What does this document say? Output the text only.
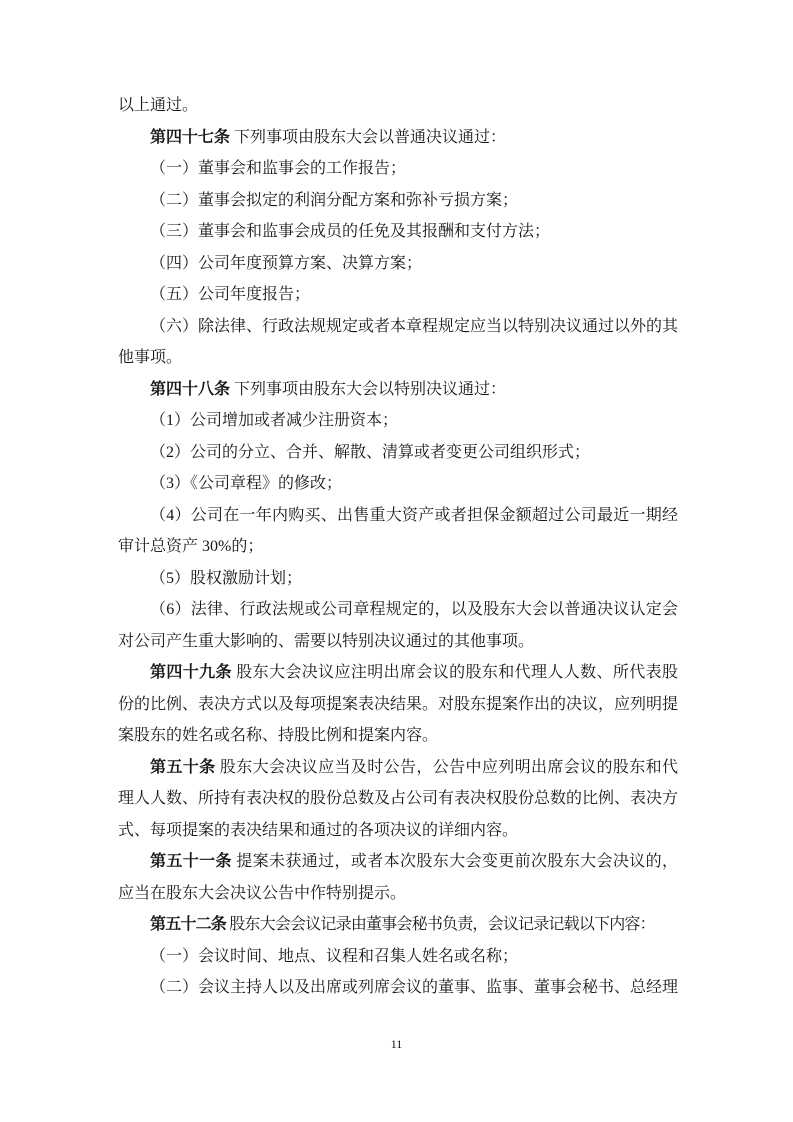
以上通过。

第四十七条 下列事项由股东大会以普通决议通过：

（一）董事会和监事会的工作报告；

（二）董事会拟定的利润分配方案和弥补亏损方案；

（三）董事会和监事会成员的任免及其报酬和支付方法；

（四）公司年度预算方案、决算方案；

（五）公司年度报告；

（六）除法律、行政法规规定或者本章程规定应当以特别决议通过以外的其他事项。

第四十八条 下列事项由股东大会以特别决议通过：

（1）公司增加或者减少注册资本；

（2）公司的分立、合并、解散、清算或者变更公司组织形式；

（3）《公司章程》的修改；

（4）公司在一年内购买、出售重大资产或者担保金额超过公司最近一期经审计总资产 30%的；

（5）股权激励计划；

（6）法律、行政法规或公司章程规定的，以及股东大会以普通决议认定会对公司产生重大影响的、需要以特别决议通过的其他事项。

第四十九条 股东大会决议应注明出席会议的股东和代理人人数、所代表股份的比例、表决方式以及每项提案表决结果。对股东提案作出的决议，应列明提案股东的姓名或名称、持股比例和提案内容。

第五十条 股东大会决议应当及时公告，公告中应列明出席会议的股东和代理人人数、所持有表决权的股份总数及占公司有表决权股份总数的比例、表决方式、每项提案的表决结果和通过的各项决议的详细内容。

第五十一条 提案未获通过，或者本次股东大会变更前次股东大会决议的，应当在股东大会决议公告中作特别提示。

第五十二条 股东大会会议记录由董事会秘书负责，会议记录记载以下内容：

（一）会议时间、地点、议程和召集人姓名或名称；

（二）会议主持人以及出席或列席会议的董事、监事、董事会秘书、总经理

11
